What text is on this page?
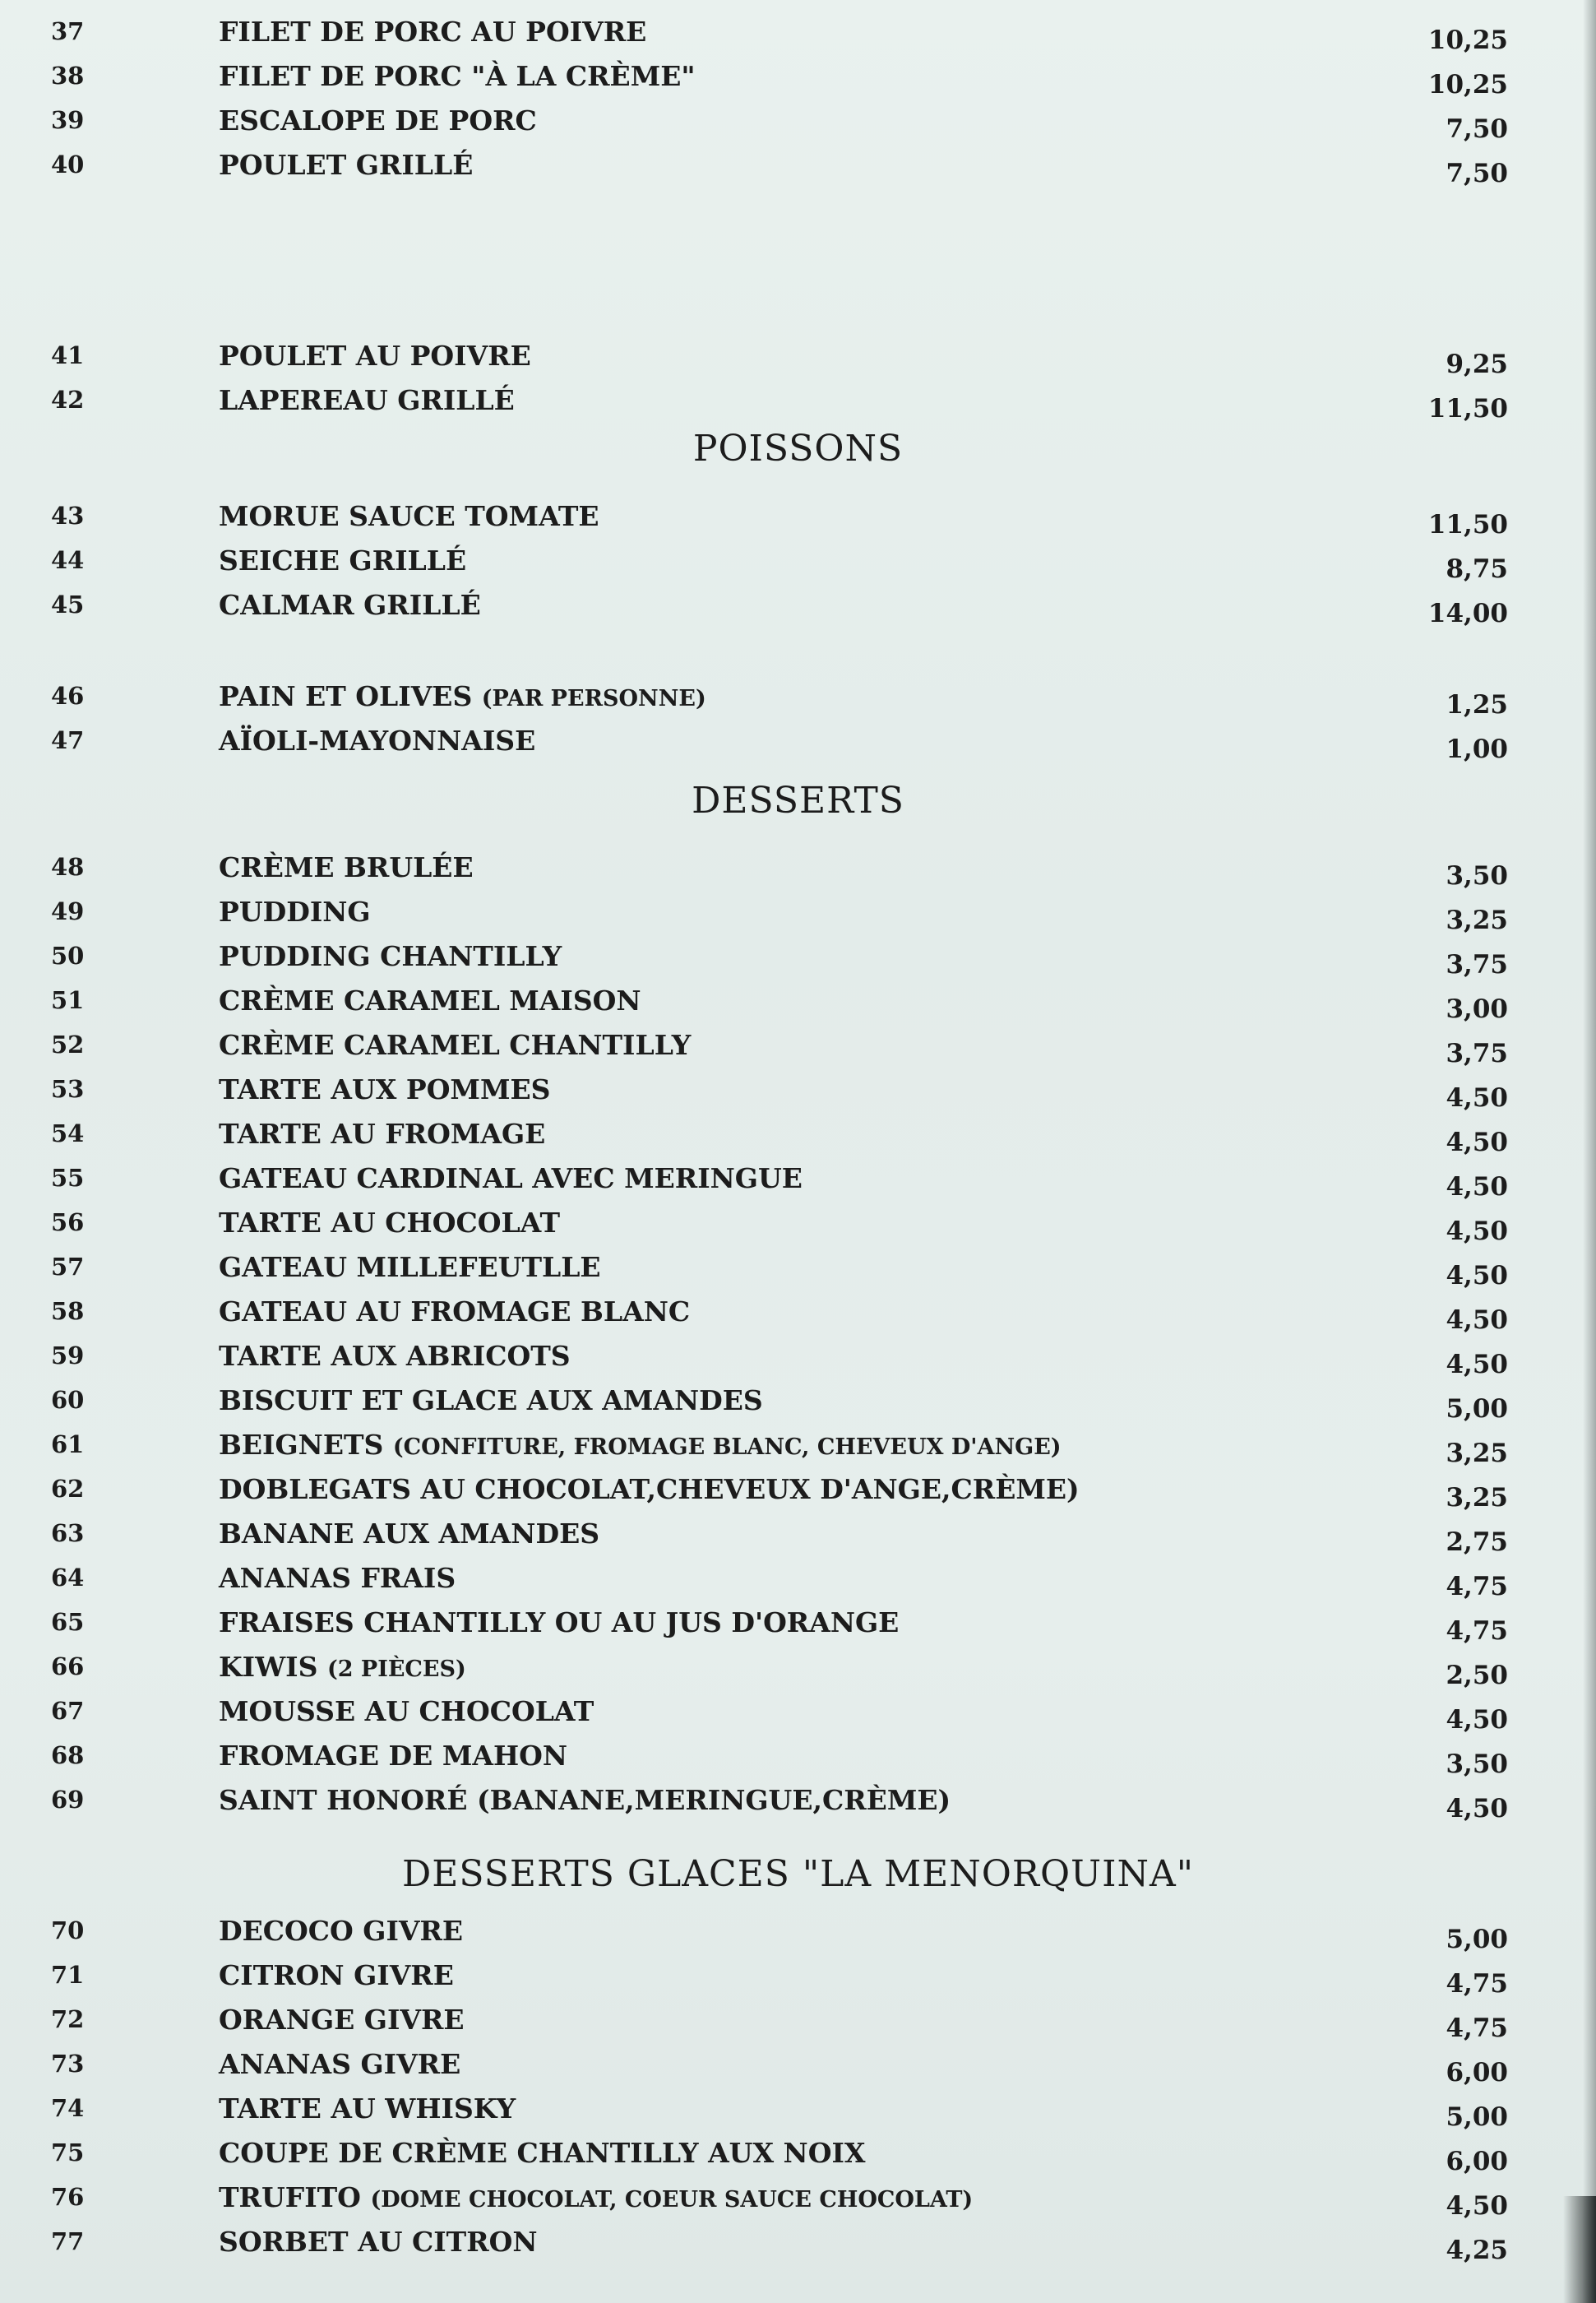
37	FILET DE PORC AU POIVRE	10,25
38	FILET DE PORC "À LA CRÈME"	10,25
39	ESCALOPE DE PORC	7,50
40	POULET GRILLÉ	7,50
41	POULET AU POIVRE	9,25
42	LAPEREAU GRILLÉ	11,50
POISSONS
43	MORUE SAUCE TOMATE	11,50
44	SEICHE GRILLÉ	8,75
45	CALMAR GRILLÉ	14,00
46	PAIN ET OLIVES (PAR PERSONNE)	1,25
47	AÏOLI-MAYONNAISE	1,00
DESSERTS
48	CRÈME BRULÉE	3,50
49	PUDDING	3,25
50	PUDDING CHANTILLY	3,75
51	CRÈME CARAMEL MAISON	3,00
52	CRÈME CARAMEL CHANTILLY	3,75
53	TARTE AUX POMMES	4,50
54	TARTE AU FROMAGE	4,50
55	GATEAU CARDINAL AVEC MERINGUE	4,50
56	TARTE AU CHOCOLAT	4,50
57	GATEAU MILLEFEUTLLE	4,50
58	GATEAU AU FROMAGE BLANC	4,50
59	TARTE AUX ABRICOTS	4,50
60	BISCUIT ET GLACE AUX AMANDES	5,00
61	BEIGNETS (CONFITURE, FROMAGE BLANC, CHEVEUX D'ANGE)	3,25
62	DOBLEGATS AU CHOCOLAT,CHEVEUX D'ANGE,CRÈME)	3,25
63	BANANE AUX AMANDES	2,75
64	ANANAS FRAIS	4,75
65	FRAISES CHANTILLY OU AU JUS D'ORANGE	4,75
66	KIWIS (2 PIÈCES)	2,50
67	MOUSSE AU CHOCOLAT	4,50
68	FROMAGE DE MAHON	3,50
69	SAINT HONORÉ (BANANE,MERINGUE,CRÈME)	4,50
DESSERTS GLACES "LA MENORQUINA"
70	DECOCO GIVRE	5,00
71	CITRON GIVRE	4,75
72	ORANGE GIVRE	4,75
73	ANANAS GIVRE	6,00
74	TARTE AU WHISKY	5,00
75	COUPE DE CRÈME CHANTILLY AUX NOIX	6,00
76	TRUFITO (DOME CHOCOLAT, COEUR SAUCE CHOCOLAT)	4,50
77	SORBET AU CITRON	4,25
